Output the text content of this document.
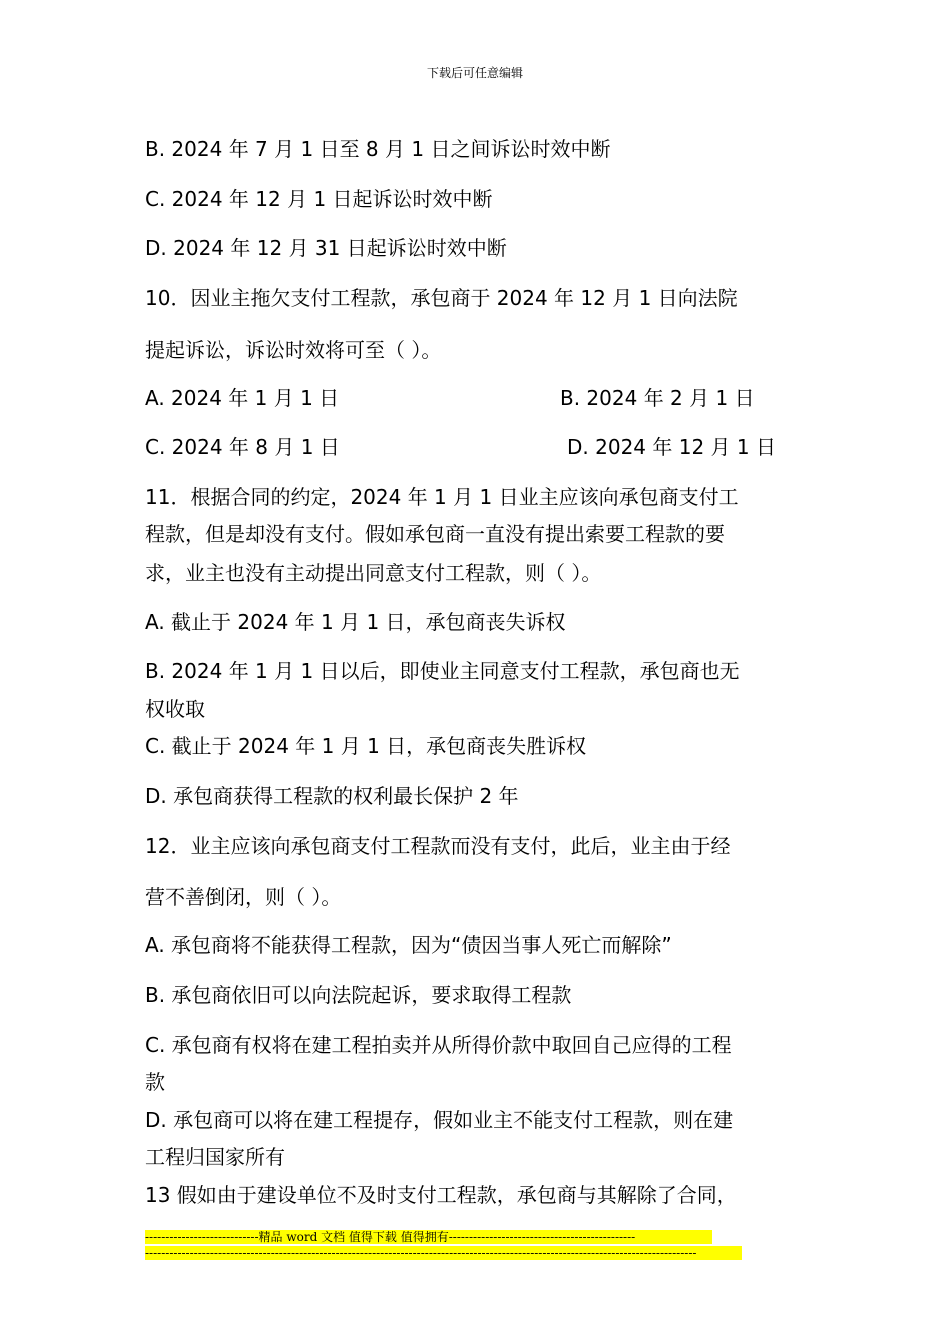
下载后可任意编辑
B. 2024 年 7 月 1 日至 8 月 1 日之间诉讼时效中断
C. 2024 年 12 月 1 日起诉讼时效中断
D. 2024 年 12 月 31 日起诉讼时效中断
10．因业主拖欠支付工程款，承包商于 2024 年 12 月 1 日向法院
提起诉讼，诉讼时效将可至（ ）。
A. 2024 年 1 月 1 日	B. 2024 年 2 月 1 日
C. 2024 年 8 月 1 日	D. 2024 年 12 月 1 日
11．根据合同的约定，2024 年 1 月 1 日业主应该向承包商支付工
程款，但是却没有支付。假如承包商一直没有提出索要工程款的要
求，业主也没有主动提出同意支付工程款，则（ ）。
A. 截止于 2024 年 1 月 1 日，承包商丧失诉权
B. 2024 年 1 月 1 日以后，即使业主同意支付工程款，承包商也无
权收取
C. 截止于 2024 年 1 月 1 日，承包商丧失胜诉权
D. 承包商获得工程款的权利最长保护 2 年
12．业主应该向承包商支付工程款而没有支付，此后，业主由于经
营不善倒闭，则（ ）。
A. 承包商将不能获得工程款，因为“债因当事人死亡而解除”
B. 承包商依旧可以向法院起诉，要求取得工程款
C. 承包商有权将在建工程拍卖并从所得价款中取回自己应得的工程
款
D. 承包商可以将在建工程提存，假如业主不能支付工程款，则在建
工程归国家所有
13 假如由于建设单位不及时支付工程款，承包商与其解除了合同，
----------------------------精品 word 文档 值得下载 值得拥有----------------------------------------------
----------------------------------------------------------------------------------------------------------------------------------------
